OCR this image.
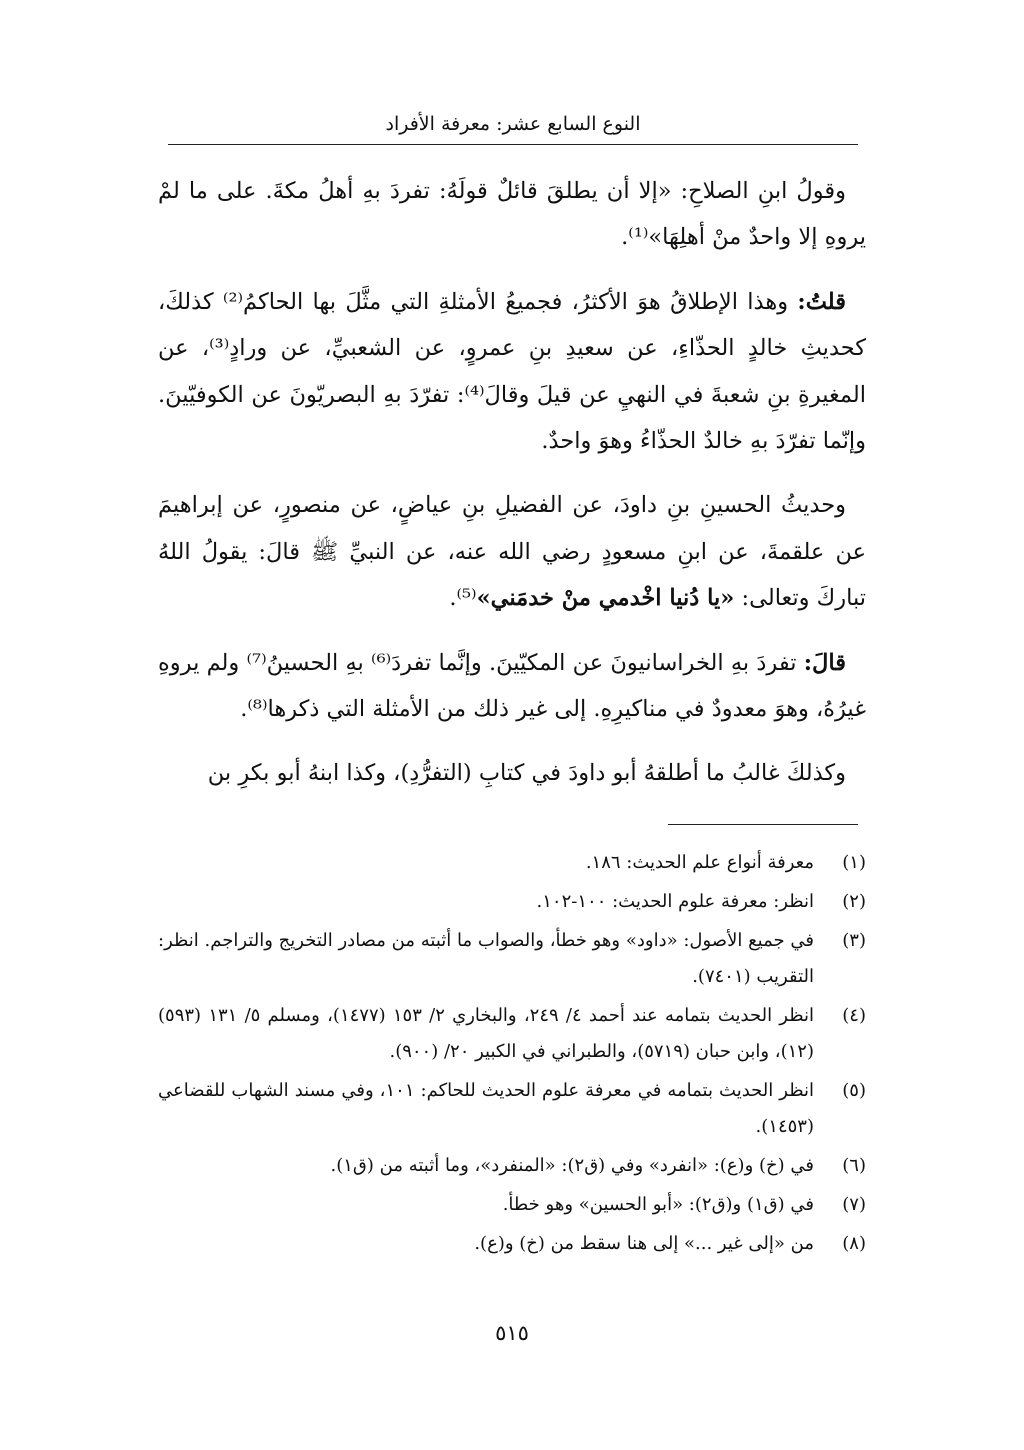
النوع السابع عشر: معرفة الأفراد

وقولُ ابنِ الصلاحِ: «إلا أن يطلقَ قائلٌ قولَهُ: تفردَ بهِ أهلُ مكةَ. على ما لمْ يروهِ إلا واحدٌ منْ أهلِهَا»⁽¹⁾.

قلتُ: وهذا الإطلاقُ هوَ الأكثرُ، فجميعُ الأمثلةِ التي مثَّلَ بها الحاكمُ⁽²⁾ كذلكَ، كحديثِ خالدٍ الحذّاءِ، عن سعيدِ بنِ عمروٍ، عن الشعبيِّ، عن ورادٍ⁽³⁾، عن المغيرةِ بنِ شعبةَ في النهيِ عن قيلَ وقالَ⁽⁴⁾: تفرّدَ بهِ البصريّونَ عن الكوفيّينَ. وإنّما تفرّدَ بهِ خالدٌ الحذّاءُ وهوَ واحدٌ.

وحديثُ الحسينِ بنِ داودَ، عن الفضيلِ بنِ عياضٍ، عن منصورٍ، عن إبراهيمَ عن علقمةَ، عن ابنِ مسعودٍ رضي الله عنه، عن النبيِّ ﷺ قالَ: يقولُ اللهُ تباركَ وتعالى: «يا دُنيا اخْدمي منْ خدمَني»⁽⁵⁾.

قالَ: تفردَ بهِ الخراسانيونَ عن المكيّينَ. وإنَّما تفردَ⁽⁶⁾ بهِ الحسينُ⁽⁷⁾ ولم يروهِ غيرُهُ، وهوَ معدودٌ في مناكيرِهِ. إلى غير ذلك من الأمثلة التي ذكرها⁽⁸⁾.

وكذلكَ غالبُ ما أطلقهُ أبو داودَ في كتابِ (التفرُّدِ)، وكذا ابنهُ أبو بكرِ بن

(١)
معرفة أنواع علم الحديث: ١٨٦.
(٢)
انظر: معرفة علوم الحديث: ١٠٠-١٠٢.
(٣)
في جميع الأصول: «داود» وهو خطأ، والصواب ما أثبته من مصادر التخريج والتراجم. انظر: التقريب (٧٤٠١).
(٤)
انظر الحديث بتمامه عند أحمد ٤/ ٢٤٩، والبخاري ٢/ ١٥٣ (١٤٧٧)، ومسلم ٥/ ١٣١ (٥٩٣) (١٢)، وابن حبان (٥٧١٩)، والطبراني في الكبير ٢٠/ (٩٠٠).
(٥)
انظر الحديث بتمامه في معرفة علوم الحديث للحاكم: ١٠١، وفي مسند الشهاب للقضاعي (١٤٥٣).
(٦)
في (خ) و(ع): «انفرد» وفي (ق٢): «المنفرد»، وما أثبته من (ق١).
(٧)
في (ق١) و(ق٢): «أبو الحسين» وهو خطأ.
(٨)
من «إلى غير ...» إلى هنا سقط من (خ) و(ع).
٥١٥
